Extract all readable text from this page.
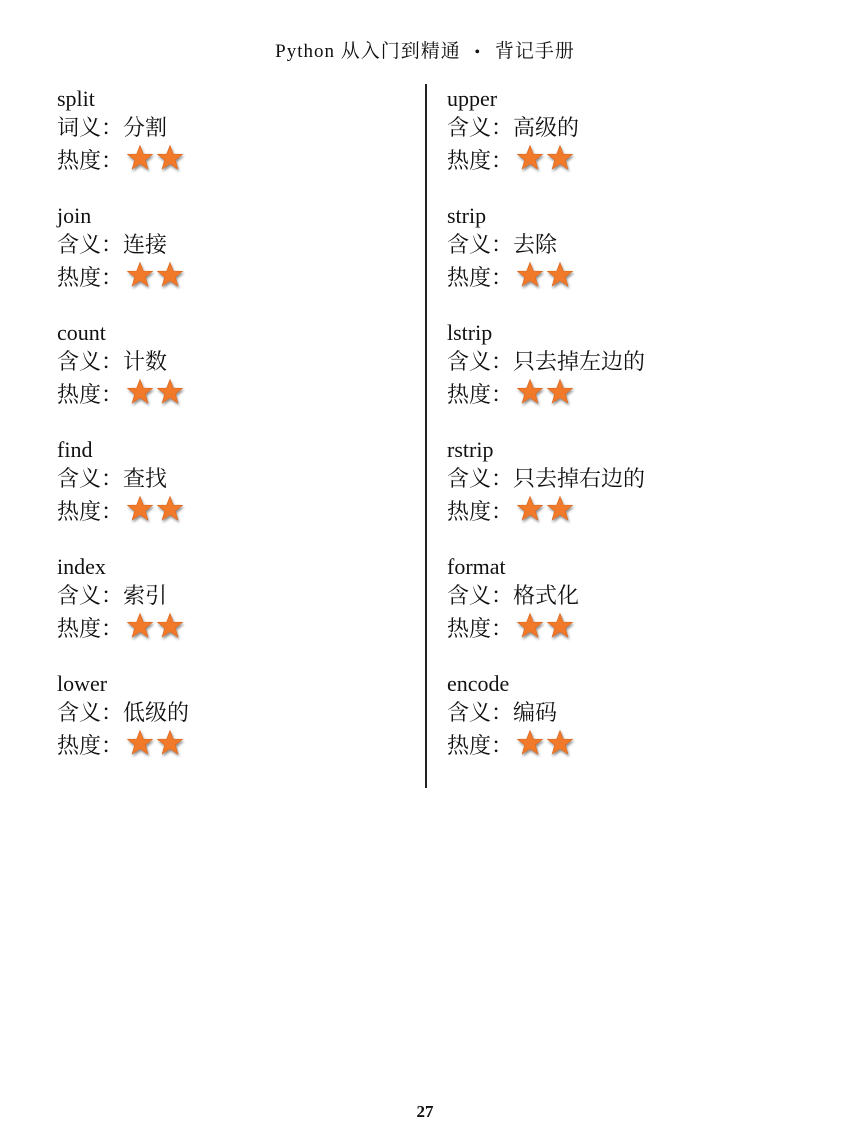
Python 从入门到精通 • 背记手册
split
词义：分割
热度：
join
含义：连接
热度：
count
含义：计数
热度：
find
含义：查找
热度：
index
含义：索引
热度：
lower
含义：低级的
热度：
upper
含义：高级的
热度：
strip
含义：去除
热度：
lstrip
含义：只去掉左边的
热度：
rstrip
含义：只去掉右边的
热度：
format
含义：格式化
热度：
encode
含义：编码
热度：
27
